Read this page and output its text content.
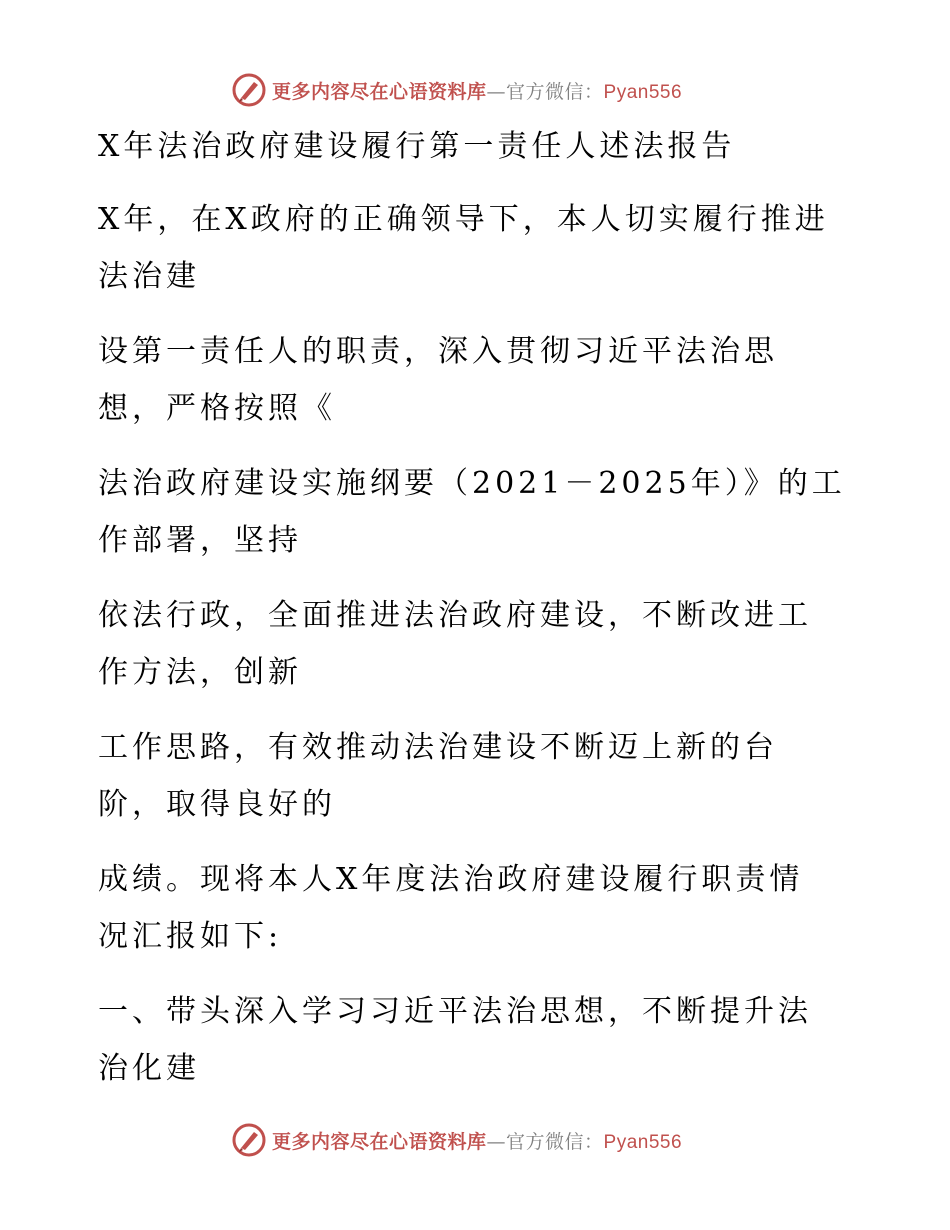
更多内容尽在心语资料库—官方微信：Pyan556
X年法治政府建设履行第一责任人述法报告
X年，在X政府的正确领导下，本人切实履行推进
法治建
设第一责任人的职责，深入贯彻习近平法治思
想，严格按照《
法治政府建设实施纲要（2021－2025年）》的工
作部署，坚持
依法行政，全面推进法治政府建设，不断改进工
作方法，创新
工作思路，有效推动法治建设不断迈上新的台
阶，取得良好的
成绩。现将本人X年度法治政府建设履行职责情
况汇报如下:
一、带头深入学习习近平法治思想，不断提升法
治化建
更多内容尽在心语资料库—官方微信：Pyan556
